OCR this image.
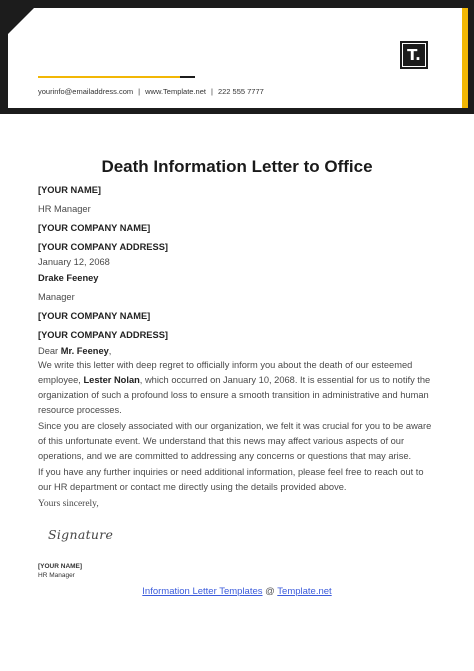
T.
yourinfo@emailaddress.com | www.Template.net | 222 555 7777
Death Information Letter to Office
[YOUR NAME]
HR Manager
[YOUR COMPANY NAME]
[YOUR COMPANY ADDRESS]
January 12, 2068
Drake Feeney
Manager
[YOUR COMPANY NAME]
[YOUR COMPANY ADDRESS]
Dear Mr. Feeney,
We write this letter with deep regret to officially inform you about the death of our esteemed employee, Lester Nolan, which occurred on January 10, 2068. It is essential for us to notify the organization of such a profound loss to ensure a smooth transition in administrative and human resource processes.
Since you are closely associated with our organization, we felt it was crucial for you to be aware of this unfortunate event. We understand that this news may affect various aspects of our operations, and we are committed to addressing any concerns or questions that may arise.
If you have any further inquiries or need additional information, please feel free to reach out to our HR department or contact me directly using the details provided above.
Yours sincerely,
Signature
[YOUR NAME]
HR Manager
Information Letter Templates @ Template.net
